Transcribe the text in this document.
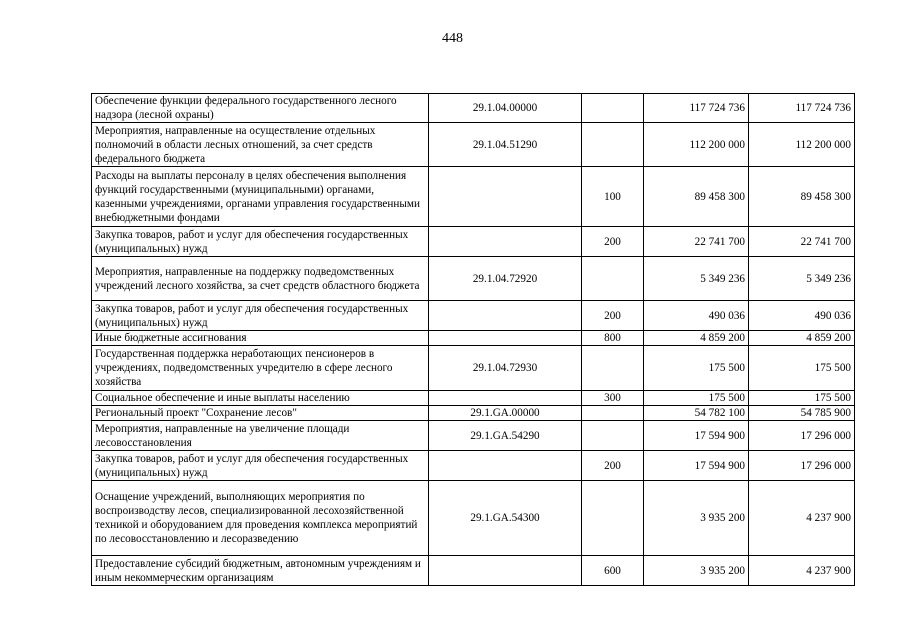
448
Обеспечение функции федерального государственного лесного надзора (лесной охраны)	29.1.04.00000		117 724 736	117 724 736
Мероприятия, направленные на осуществление отдельных полномочий в области лесных отношений, за счет средств федерального бюджета	29.1.04.51290		112 200 000	112 200 000
Расходы на выплаты персоналу в целях обеспечения выполнения функций государственными (муниципальными) органами, казенными учреждениями, органами управления государственными внебюджетными фондами		100	89 458 300	89 458 300
Закупка товаров, работ и услуг для обеспечения государственных (муниципальных) нужд		200	22 741 700	22 741 700
Мероприятия, направленные на поддержку подведомственных учреждений лесного хозяйства, за счет средств областного бюджета	29.1.04.72920		5 349 236	5 349 236
Закупка товаров, работ и услуг для обеспечения государственных (муниципальных) нужд		200	490 036	490 036
Иные бюджетные ассигнования		800	4 859 200	4 859 200
Государственная поддержка неработающих пенсионеров в учреждениях, подведомственных учредителю в сфере лесного хозяйства	29.1.04.72930		175 500	175 500
Социальное обеспечение и иные выплаты населению		300	175 500	175 500
Региональный проект "Сохранение лесов"	29.1.GA.00000		54 782 100	54 785 900
Мероприятия, направленные на увеличение площади лесовосстановления	29.1.GA.54290		17 594 900	17 296 000
Закупка товаров, работ и услуг для обеспечения государственных (муниципальных) нужд		200	17 594 900	17 296 000
Оснащение учреждений, выполняющих мероприятия по воспроизводству лесов, специализированной лесохозяйственной техникой и оборудованием для проведения комплекса мероприятий по лесовосстановлению и лесоразведению	29.1.GA.54300		3 935 200	4 237 900
Предоставление субсидий бюджетным, автономным учреждениям и иным некоммерческим организациям		600	3 935 200	4 237 900
